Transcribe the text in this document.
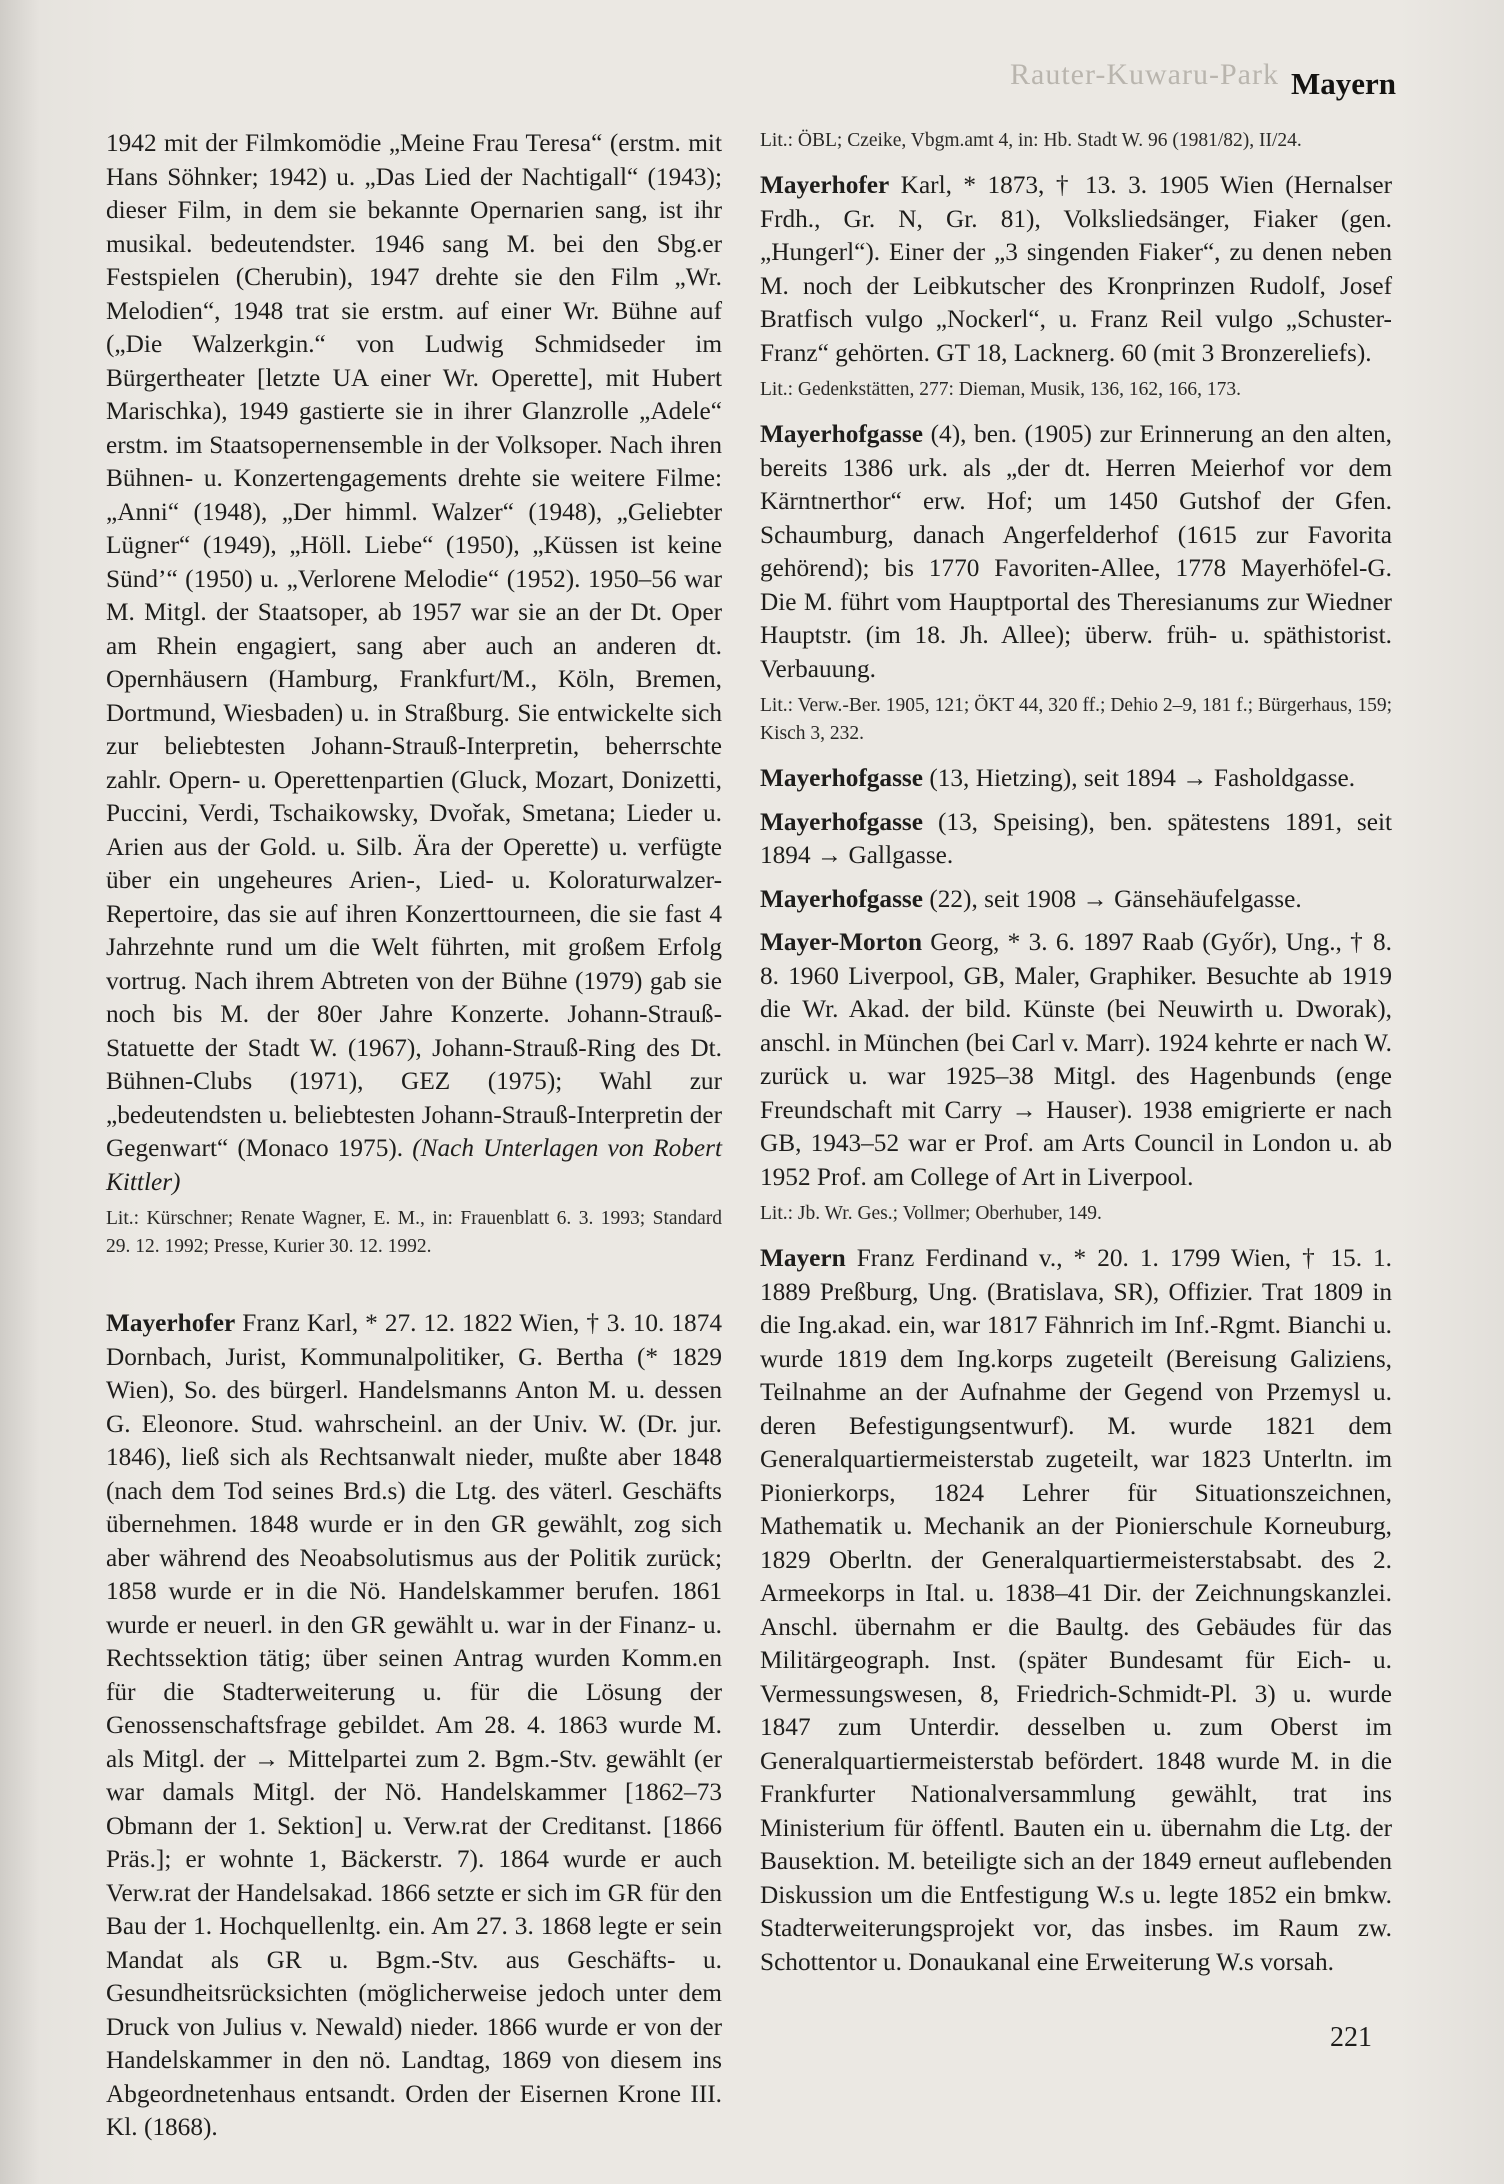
Rauter-Kuwaru-Park Mayern

1942 mit der Filmkomödie „Meine Frau Teresa“ (erstm. mit Hans Söhnker; 1942) u. „Das Lied der Nachtigall“ (1943); dieser Film, in dem sie bekannte Opernarien sang, ist ihr musikal. bedeutendster. 1946 sang M. bei den Sbg.er Festspielen (Cherubin), 1947 drehte sie den Film „Wr. Melodien“, 1948 trat sie erstm. auf einer Wr. Bühne auf („Die Walzerkgin.“ von Ludwig Schmidseder im Bürgertheater [letzte UA einer Wr. Operette], mit Hubert Marischka), 1949 gastierte sie in ihrer Glanzrolle „Adele“ erstm. im Staatsopernensemble in der Volksoper. Nach ihren Bühnen- u. Konzertengagements drehte sie weitere Filme: „Anni“ (1948), „Der himml. Walzer“ (1948), „Geliebter Lügner“ (1949), „Höll. Liebe“ (1950), „Küssen ist keine Sünd’“ (1950) u. „Verlorene Melodie“ (1952). 1950–56 war M. Mitgl. der Staatsoper, ab 1957 war sie an der Dt. Oper am Rhein engagiert, sang aber auch an anderen dt. Opernhäusern (Hamburg, Frankfurt/M., Köln, Bremen, Dortmund, Wiesbaden) u. in Straßburg. Sie entwickelte sich zur beliebtesten Johann-Strauß-Interpretin, beherrschte zahlr. Opern- u. Operettenpartien (Gluck, Mozart, Donizetti, Puccini, Verdi, Tschaikowsky, Dvořak, Smetana; Lieder u. Arien aus der Gold. u. Silb. Ära der Operette) u. verfügte über ein ungeheures Arien-, Lied- u. Koloraturwalzer-Repertoire, das sie auf ihren Konzerttourneen, die sie fast 4 Jahrzehnte rund um die Welt führten, mit großem Erfolg vortrug. Nach ihrem Abtreten von der Bühne (1979) gab sie noch bis M. der 80er Jahre Konzerte. Johann-Strauß-Statuette der Stadt W. (1967), Johann-Strauß-Ring des Dt. Bühnen-Clubs (1971), GEZ (1975); Wahl zur „bedeutendsten u. beliebtesten Johann-Strauß-Interpretin der Gegenwart“ (Monaco 1975). (Nach Unterlagen von Robert Kittler)

Lit.: Kürschner; Renate Wagner, E. M., in: Frauenblatt 6. 3. 1993; Standard 29. 12. 1992; Presse, Kurier 30. 12. 1992.

Mayerhofer Franz Karl, * 27. 12. 1822 Wien, † 3. 10. 1874 Dornbach, Jurist, Kommunalpolitiker, G. Bertha (* 1829 Wien), So. des bürgerl. Handelsmanns Anton M. u. dessen G. Eleonore. Stud. wahrscheinl. an der Univ. W. (Dr. jur. 1846), ließ sich als Rechtsanwalt nieder, mußte aber 1848 (nach dem Tod seines Brd.s) die Ltg. des väterl. Geschäfts übernehmen. 1848 wurde er in den GR gewählt, zog sich aber während des Neoabsolutismus aus der Politik zurück; 1858 wurde er in die Nö. Handelskammer berufen. 1861 wurde er neuerl. in den GR gewählt u. war in der Finanz- u. Rechtssektion tätig; über seinen Antrag wurden Komm.en für die Stadterweiterung u. für die Lösung der Genossenschaftsfrage gebildet. Am 28. 4. 1863 wurde M. als Mitgl. der → Mittelpartei zum 2. Bgm.-Stv. gewählt (er war damals Mitgl. der Nö. Handelskammer [1862–73 Obmann der 1. Sektion] u. Verw.rat der Creditanst. [1866 Präs.]; er wohnte 1, Bäckerstr. 7). 1864 wurde er auch Verw.rat der Handelsakad. 1866 setzte er sich im GR für den Bau der 1. Hochquellenltg. ein. Am 27. 3. 1868 legte er sein Mandat als GR u. Bgm.-Stv. aus Geschäfts- u. Gesundheitsrücksichten (möglicherweise jedoch unter dem Druck von Julius v. Newald) nieder. 1866 wurde er von der Handelskammer in den nö. Landtag, 1869 von diesem ins Abgeordnetenhaus entsandt. Orden der Eisernen Krone III. Kl. (1868).

Lit.: ÖBL; Czeike, Vbgm.amt 4, in: Hb. Stadt W. 96 (1981/82), II/24.

Mayerhofer Karl, * 1873, † 13. 3. 1905 Wien (Hernalser Frdh., Gr. N, Gr. 81), Volksliedsänger, Fiaker (gen. „Hungerl“). Einer der „3 singenden Fiaker“, zu denen neben M. noch der Leibkutscher des Kronprinzen Rudolf, Josef Bratfisch vulgo „Nockerl“, u. Franz Reil vulgo „Schuster-Franz“ gehörten. GT 18, Lacknerg. 60 (mit 3 Bronzereliefs).

Lit.: Gedenkstätten, 277: Dieman, Musik, 136, 162, 166, 173.

Mayerhofgasse (4), ben. (1905) zur Erinnerung an den alten, bereits 1386 urk. als „der dt. Herren Meierhof vor dem Kärntnerthor“ erw. Hof; um 1450 Gutshof der Gfen. Schaumburg, danach Angerfelderhof (1615 zur Favorita gehörend); bis 1770 Favoriten-Allee, 1778 Mayerhöfel-G. Die M. führt vom Hauptportal des Theresianums zur Wiedner Hauptstr. (im 18. Jh. Allee); überw. früh- u. späthistorist. Verbauung.

Lit.: Verw.-Ber. 1905, 121; ÖKT 44, 320 ff.; Dehio 2–9, 181 f.; Bürgerhaus, 159; Kisch 3, 232.

Mayerhofgasse (13, Hietzing), seit 1894 → Fasholdgasse.

Mayerhofgasse (13, Speising), ben. spätestens 1891, seit 1894 → Gallgasse.

Mayerhofgasse (22), seit 1908 → Gänsehäufelgasse.

Mayer-Morton Georg, * 3. 6. 1897 Raab (Győr), Ung., † 8. 8. 1960 Liverpool, GB, Maler, Graphiker. Besuchte ab 1919 die Wr. Akad. der bild. Künste (bei Neuwirth u. Dworak), anschl. in München (bei Carl v. Marr). 1924 kehrte er nach W. zurück u. war 1925–38 Mitgl. des Hagenbunds (enge Freundschaft mit Carry → Hauser). 1938 emigrierte er nach GB, 1943–52 war er Prof. am Arts Council in London u. ab 1952 Prof. am College of Art in Liverpool.

Lit.: Jb. Wr. Ges.; Vollmer; Oberhuber, 149.

Mayern Franz Ferdinand v., * 20. 1. 1799 Wien, † 15. 1. 1889 Preßburg, Ung. (Bratislava, SR), Offizier. Trat 1809 in die Ing.akad. ein, war 1817 Fähnrich im Inf.-Rgmt. Bianchi u. wurde 1819 dem Ing.korps zugeteilt (Bereisung Galiziens, Teilnahme an der Aufnahme der Gegend von Przemysl u. deren Befestigungsentwurf). M. wurde 1821 dem Generalquartiermeisterstab zugeteilt, war 1823 Unterltn. im Pionierkorps, 1824 Lehrer für Situationszeichnen, Mathematik u. Mechanik an der Pionierschule Korneuburg, 1829 Oberltn. der Generalquartiermeisterstabsabt. des 2. Armeekorps in Ital. u. 1838–41 Dir. der Zeichnungskanzlei. Anschl. übernahm er die Baultg. des Gebäudes für das Militärgeograph. Inst. (später Bundesamt für Eich- u. Vermessungswesen, 8, Friedrich-Schmidt-Pl. 3) u. wurde 1847 zum Unterdir. desselben u. zum Oberst im Generalquartiermeisterstab befördert. 1848 wurde M. in die Frankfurter Nationalversammlung gewählt, trat ins Ministerium für öffentl. Bauten ein u. übernahm die Ltg. der Bausektion. M. beteiligte sich an der 1849 erneut auflebenden Diskussion um die Entfestigung W.s u. legte 1852 ein bmkw. Stadterweiterungsprojekt vor, das insbes. im Raum zw. Schottentor u. Donaukanal eine Erweiterung W.s vorsah.

221
